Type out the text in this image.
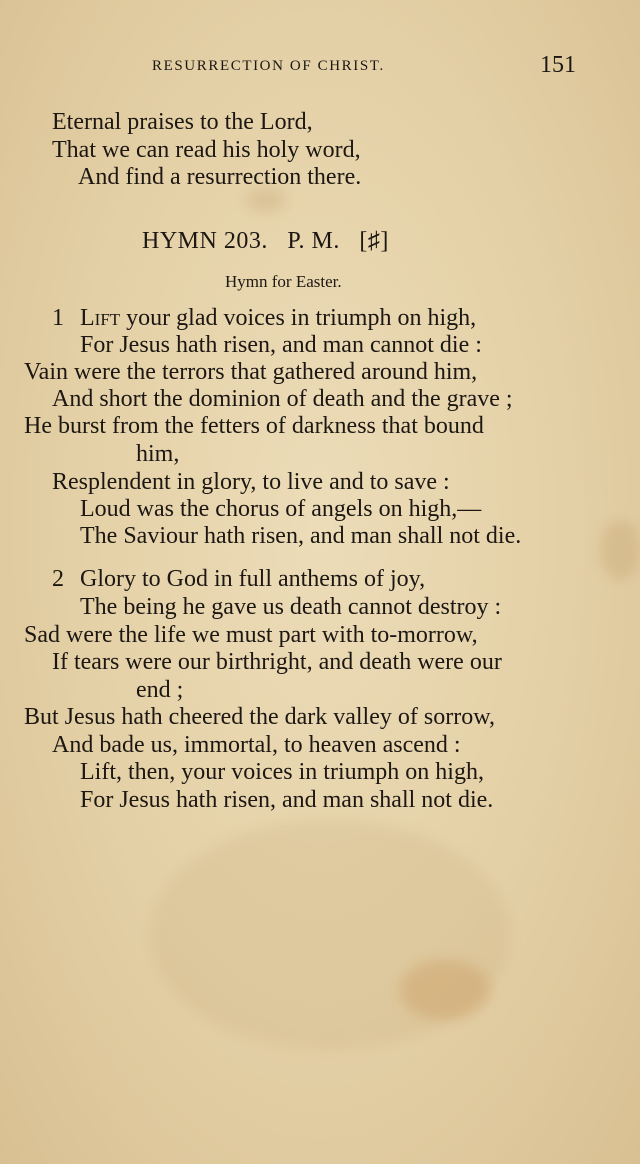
RESURRECTION OF CHRIST.	151
Eternal praises to the Lord,
That we can read his holy word,
And find a resurrection there.
HYMN 203.   P. M.   [♯]
Hymn for Easter.
1 Lift your glad voices in triumph on high,
For Jesus hath risen, and man cannot die :
Vain were the terrors that gathered around him,
And short the dominion of death and the grave ;
He burst from the fetters of darkness that bound
him,
Resplendent in glory, to live and to save :
Loud was the chorus of angels on high,—
The Saviour hath risen, and man shall not die.
2 Glory to God in full anthems of joy,
The being he gave us death cannot destroy :
Sad were the life we must part with to-morrow,
If tears were our birthright, and death were our
end ;
But Jesus hath cheered the dark valley of sorrow,
And bade us, immortal, to heaven ascend :
Lift, then, your voices in triumph on high,
For Jesus hath risen, and man shall not die.
